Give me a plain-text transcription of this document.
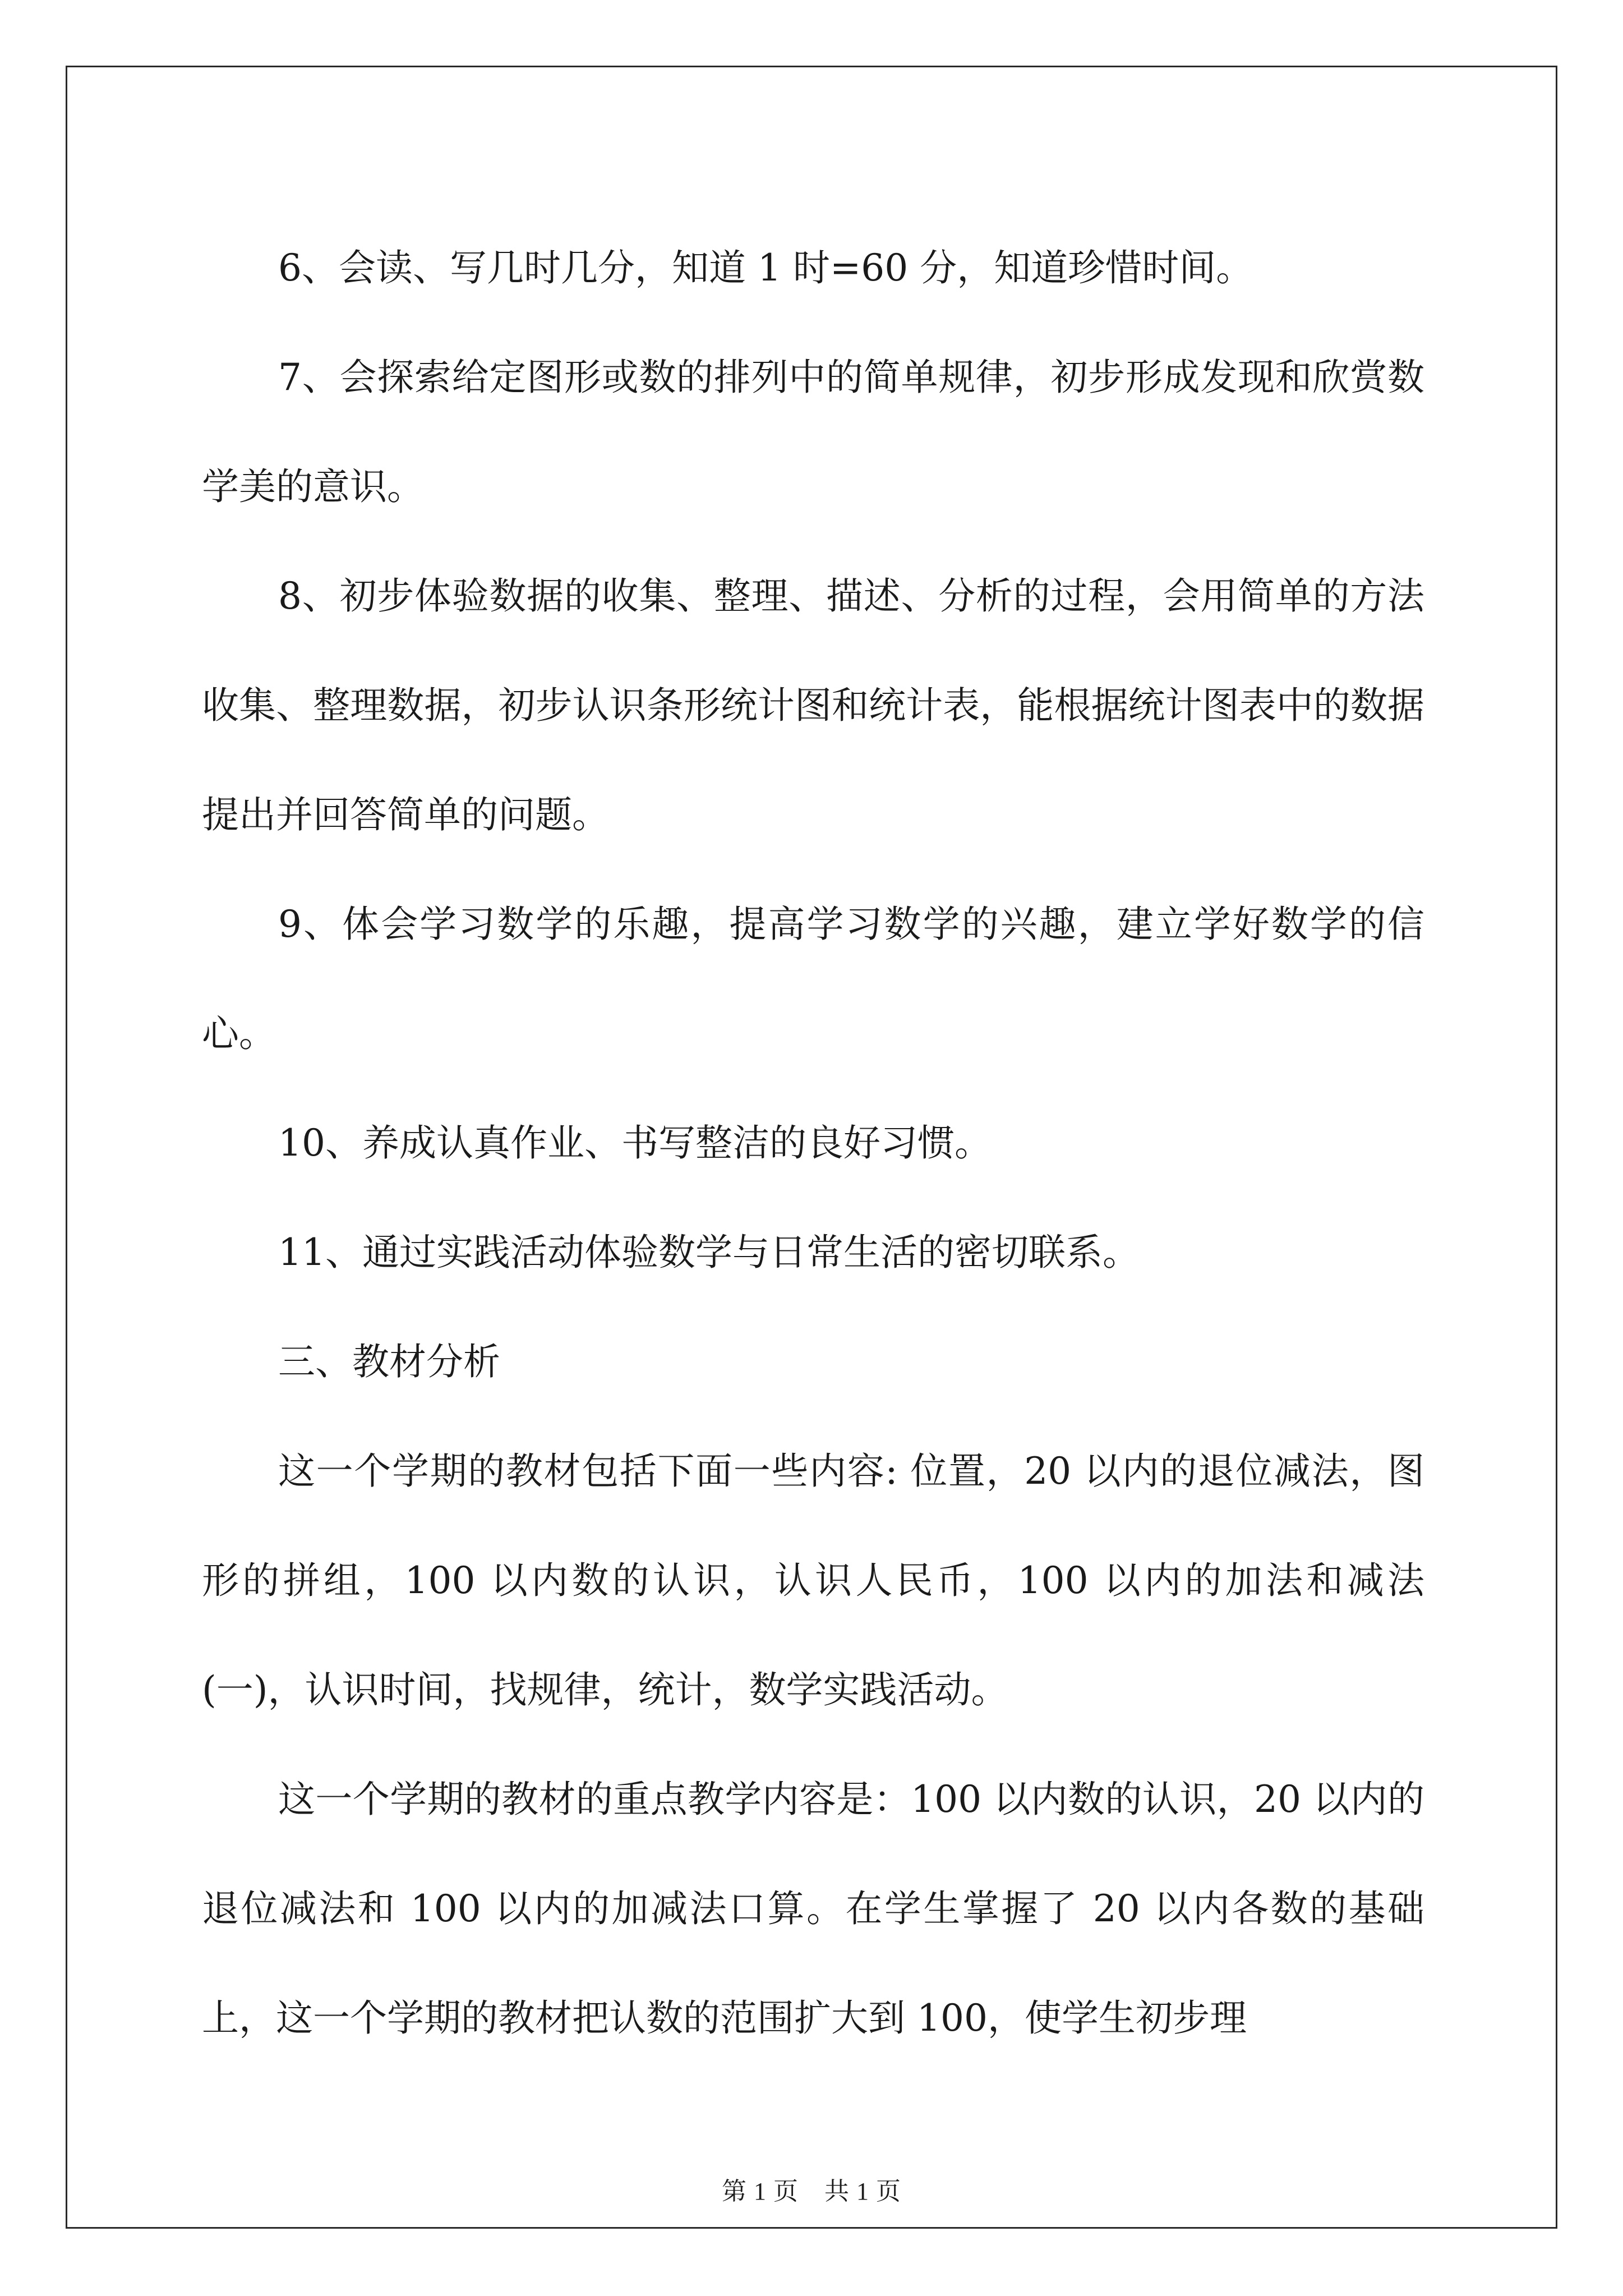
6、会读、写几时几分，知道 1 时=60 分，知道珍惜时间。

7、会探索给定图形或数的排列中的简单规律，初步形成发现和欣赏数学美的意识。

8、初步体验数据的收集、整理、描述、分析的过程，会用简单的方法收集、整理数据，初步认识条形统计图和统计表，能根据统计图表中的数据提出并回答简单的问题。

9、体会学习数学的乐趣，提高学习数学的兴趣，建立学好数学的信心。

10、养成认真作业、书写整洁的良好习惯。

11、通过实践活动体验数学与日常生活的密切联系。

三、教材分析

这一个学期的教材包括下面一些内容: 位置，20 以内的退位减法，图形的拼组，100 以内数的认识，认识人民币，100 以内的加法和减法(一)，认识时间，找规律，统计，数学实践活动。

这一个学期的教材的重点教学内容是：100 以内数的认识，20 以内的退位减法和 100 以内的加减法口算。在学生掌握了 20 以内各数的基础上，这一个学期的教材把认数的范围扩大到 100，使学生初步理

第 1 页 共 1 页
